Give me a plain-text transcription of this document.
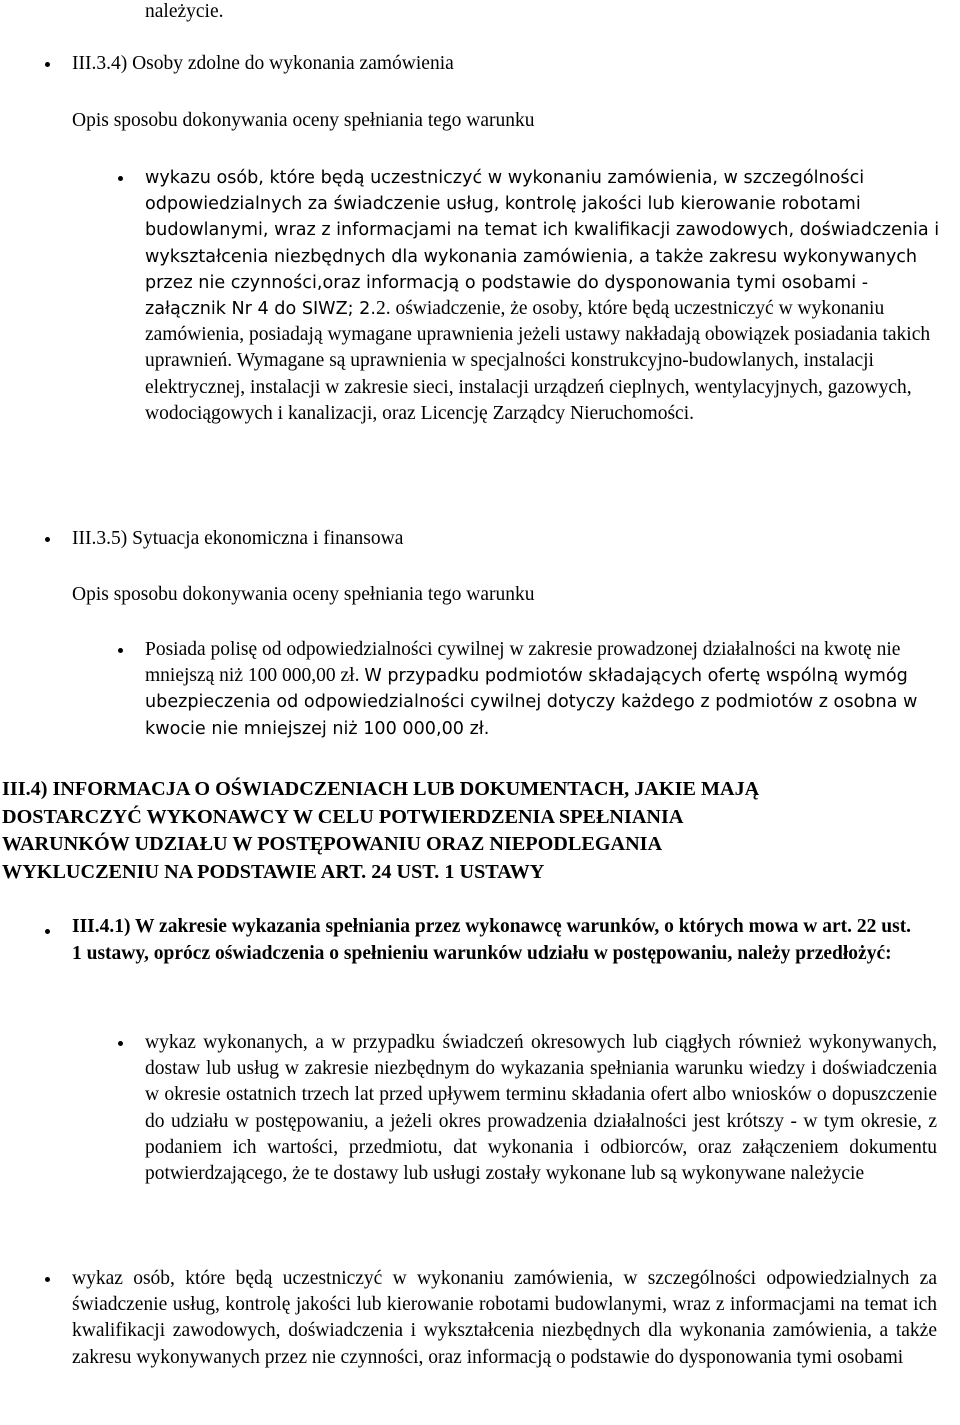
należycie.

III.3.4) Osoby zdolne do wykonania zamówienia

Opis sposobu dokonywania oceny spełniania tego warunku

wykazu osób, które będą uczestniczyć w wykonaniu zamówienia, w szczególności odpowiedzialnych za świadczenie usług, kontrolę jakości lub kierowanie robotami budowlanymi, wraz z informacjami na temat ich kwalifikacji zawodowych, doświadczenia i wykształcenia niezbędnych dla wykonania zamówienia, a także zakresu wykonywanych przez nie czynności,oraz informacją o podstawie do dysponowania tymi osobami - załącznik Nr 4 do SIWZ; 2.2. oświadczenie, że osoby, które będą uczestniczyć w wykonaniu zamówienia, posiadają wymagane uprawnienia jeżeli ustawy nakładają obowiązek posiadania takich uprawnień. Wymagane są uprawnienia w specjalności konstrukcyjno-budowlanych, instalacji elektrycznej, instalacji w zakresie sieci, instalacji urządzeń cieplnych, wentylacyjnych, gazowych, wodociągowych i kanalizacji, oraz Licencję Zarządcy Nieruchomości.

III.3.5) Sytuacja ekonomiczna i finansowa

Opis sposobu dokonywania oceny spełniania tego warunku

Posiada polisę od odpowiedzialności cywilnej w zakresie prowadzonej działalności na kwotę nie mniejszą niż 100 000,00 zł. W przypadku podmiotów składających ofertę wspólną wymóg ubezpieczenia od odpowiedzialności cywilnej dotyczy każdego z podmiotów z osobna w kwocie nie mniejszej niż 100 000,00 zł.
III.4) INFORMACJA O OŚWIADCZENIACH LUB DOKUMENTACH, JAKIE MAJĄ
DOSTARCZYĆ WYKONAWCY W CELU POTWIERDZENIA SPEŁNIANIA
WARUNKÓW UDZIAŁU W POSTĘPOWANIU ORAZ NIEPODLEGANIA
WYKLUCZENIU NA PODSTAWIE ART. 24 UST. 1 USTAWY
III.4.1) W zakresie wykazania spełniania przez wykonawcę warunków, o których mowa w art. 22 ust. 1 ustawy, oprócz oświadczenia o spełnieniu warunków udziału w postępowaniu, należy przedłożyć:

wykaz wykonanych, a w przypadku świadczeń okresowych lub ciągłych również wykonywanych, dostaw lub usług w zakresie niezbędnym do wykazania spełniania warunku wiedzy i doświadczenia w okresie ostatnich trzech lat przed upływem terminu składania ofert albo wniosków o dopuszczenie do udziału w postępowaniu, a jeżeli okres prowadzenia działalności jest krótszy - w tym okresie, z podaniem ich wartości, przedmiotu, dat wykonania i odbiorców, oraz załączeniem dokumentu potwierdzającego, że te dostawy lub usługi zostały wykonane lub są wykonywane należycie

wykaz osób, które będą uczestniczyć w wykonaniu zamówienia, w szczególności odpowiedzialnych za świadczenie usług, kontrolę jakości lub kierowanie robotami budowlanymi, wraz z informacjami na temat ich kwalifikacji zawodowych, doświadczenia i wykształcenia niezbędnych dla wykonania zamówienia, a także zakresu wykonywanych przez nie czynności, oraz informacją o podstawie do dysponowania tymi osobami
